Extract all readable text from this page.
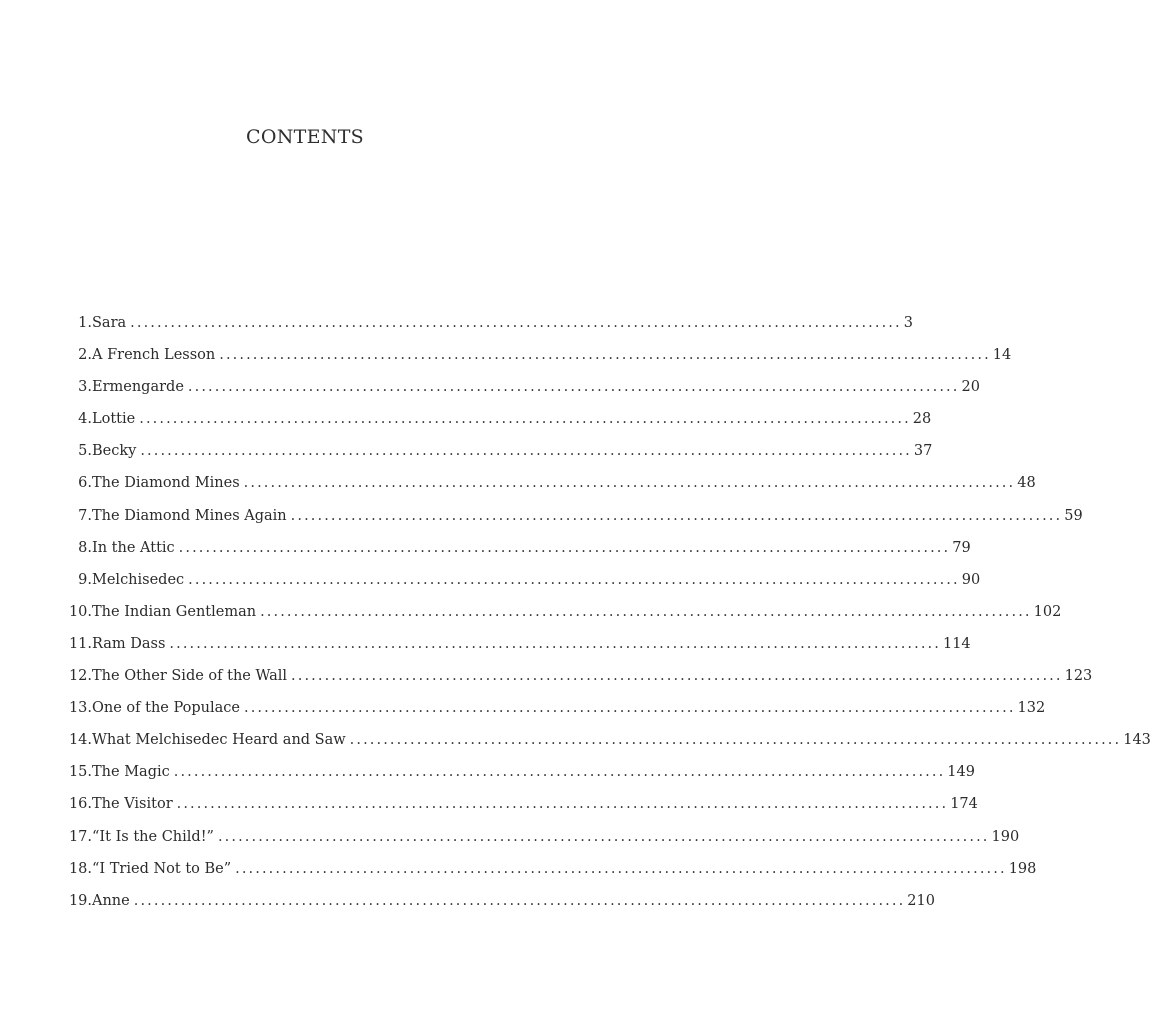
CONTENTS
1. Sara ................................................................................................................... 3
2. A French Lesson ................................................................................................................... 14
3. Ermengarde ................................................................................................................... 20
4. Lottie ................................................................................................................... 28
5. Becky ................................................................................................................... 37
6. The Diamond Mines ................................................................................................................... 48
7. The Diamond Mines Again ................................................................................................................... 59
8. In the Attic ................................................................................................................... 79
9. Melchisedec ................................................................................................................... 90
10. The Indian Gentleman ................................................................................................................... 102
11. Ram Dass ................................................................................................................... 114
12. The Other Side of the Wall ................................................................................................................... 123
13. One of the Populace ................................................................................................................... 132
14. What Melchisedec Heard and Saw ................................................................................................................... 143
15. The Magic ................................................................................................................... 149
16. The Visitor ................................................................................................................... 174
17. “It Is the Child!” ................................................................................................................... 190
18. “I Tried Not to Be” ................................................................................................................... 198
19. Anne ................................................................................................................... 210
